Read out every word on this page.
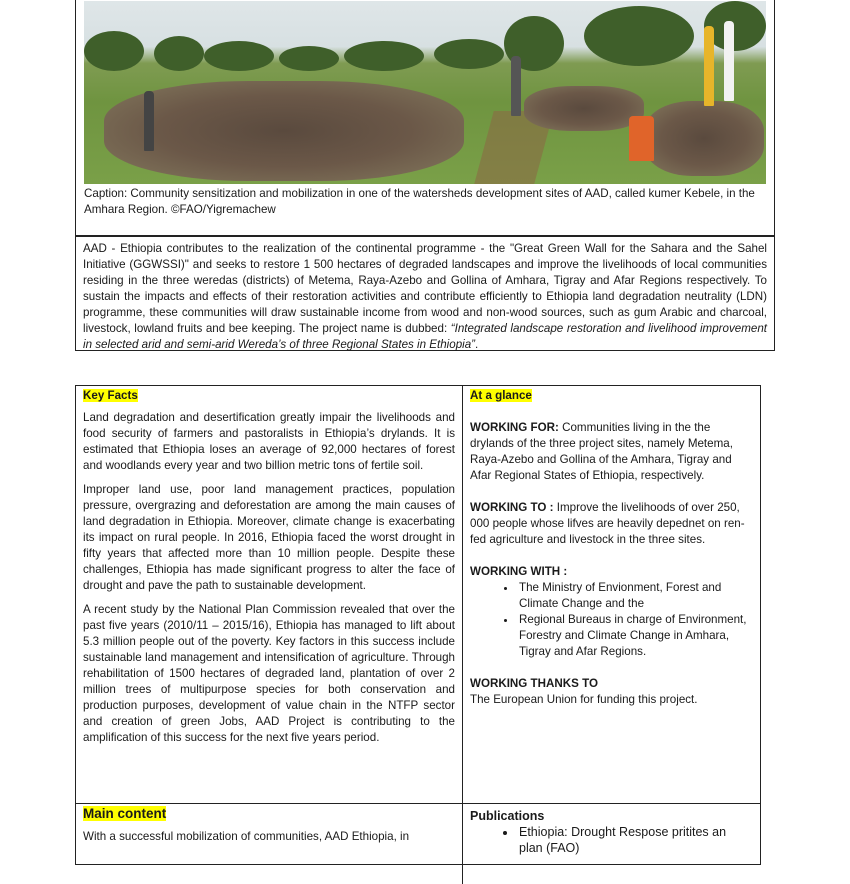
Caption: Community sensitization and mobilization in one of the watersheds development sites of AAD, called kumer Kebele, in the Amhara Region. ©FAO/Yigremachew
AAD - Ethiopia contributes to the realization of the continental programme - the "Great Green Wall for the Sahara and the Sahel Initiative (GGWSSI)" and seeks to restore 1 500 hectares of degraded landscapes and improve the livelihoods of local communities residing in the three weredas (districts) of Metema, Raya-Azebo and Gollina of Amhara, Tigray and Afar Regions respectively. To sustain the impacts and effects of their restoration activities and contribute efficiently to Ethiopia land degradation neutrality (LDN) programme, these communities will draw sustainable income from wood and non-wood sources, such as gum Arabic and charcoal, livestock, lowland fruits and bee keeping. The project name is dubbed: “Integrated landscape restoration and livelihood improvement in selected arid and semi-arid Wereda’s of three Regional States in Ethiopia”.

Key Facts

Land degradation and desertification greatly impair the livelihoods and food security of farmers and pastoralists in Ethiopia’s drylands. It is estimated that Ethiopia loses an average of 92,000 hectares of forest and woodlands every year and two billion metric tons of fertile soil.

Improper land use, poor land management practices, population pressure, overgrazing and deforestation are among the main causes of land degradation in Ethiopia. Moreover, climate change is exacerbating its impact on rural people. In 2016, Ethiopia faced the worst drought in fifty years that affected more than 10 million people. Despite these challenges, Ethiopia has made significant progress to alter the face of drought and pave the path to sustainable development.

A recent study by the National Plan Commission revealed that over the past five years (2010/11 – 2015/16), Ethiopia has managed to lift about 5.3 million people out of the poverty. Key factors in this success include sustainable land management and intensification of agriculture. Through rehabilitation of 1500 hectares of degraded land, plantation of over 2 million trees of multipurpose species for both conservation and production purposes, development of value chain in the NTFP sector and creation of green Jobs, AAD Project is contributing to the amplification of this success for the next five years period.

At a glance

WORKING FOR: Communities living in the the drylands of the three project sites, namely Metema, Raya-Azebo and Gollina of the Amhara, Tigray and Afar Regional States of Ethiopia, respectively.

WORKING TO : Improve the livelihoods of over 250, 000 people whose lifves are heavily depednet on ren-fed agriculture and livestock in the three sites.

WORKING WITH :
• The Ministry of Envionment, Forest and Climate Change and the
• Regional Bureaus in charge of Environment, Forestry and Climate Change in Amhara, Tigray and Afar Regions.
WORKING THANKS TO
The European Union for funding this project.

Main content

With a successful mobilization of communities, AAD Ethiopia, in

Publications
• Ethiopia: Drought Respose pritites an plan (FAO)
